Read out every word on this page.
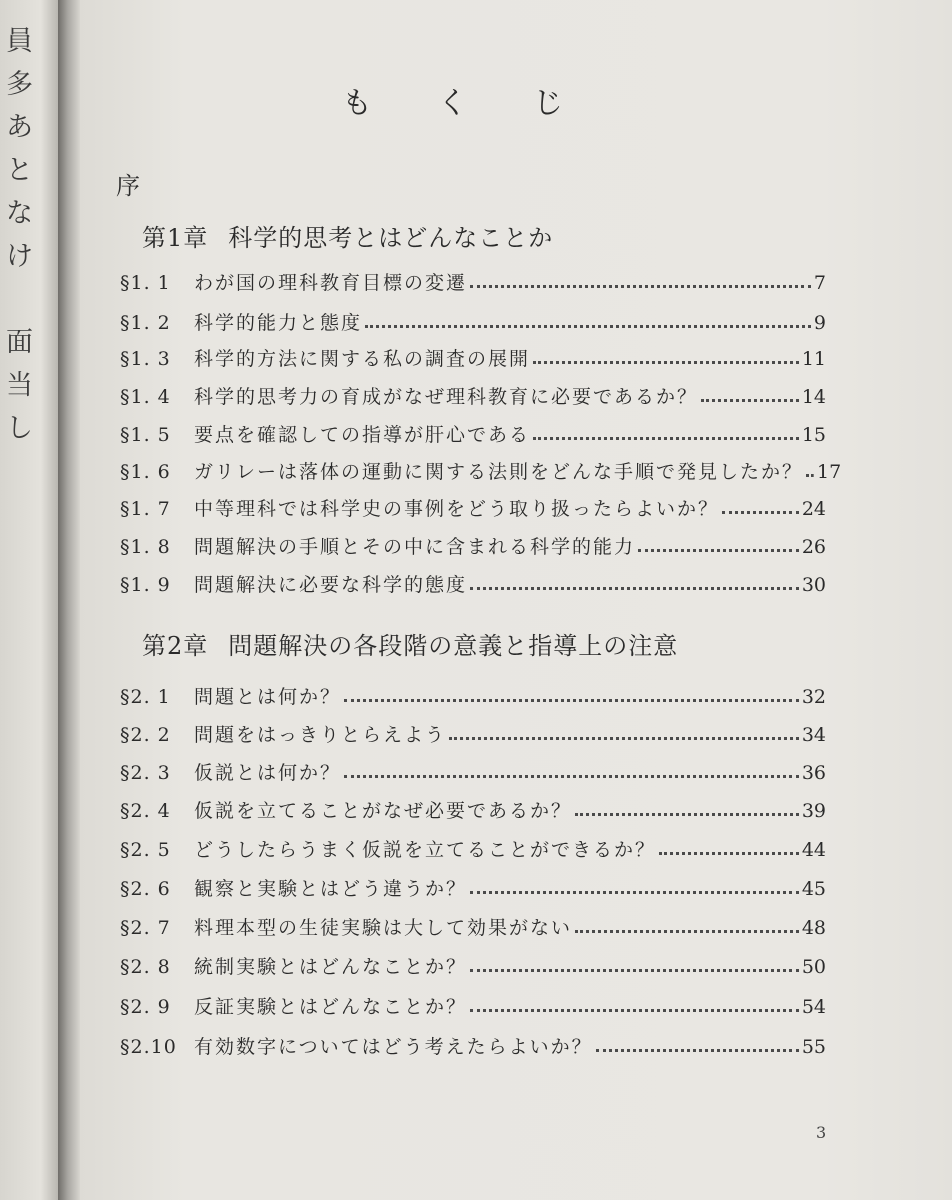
員
多
あ
と
な
け

面
当
し
も く じ
序
第1章 科学的思考とはどんなことか
§1. 1	わが国の理科教育目標の変遷	7
§1. 2	科学的能力と態度	9
§1. 3	科学的方法に関する私の調査の展開	11
§1. 4	科学的思考力の育成がなぜ理科教育に必要であるか？	14
§1. 5	要点を確認しての指導が肝心である	15
§1. 6	ガリレーは落体の運動に関する法則をどんな手順で発見したか？ 17
§1. 7	中等理科では科学史の事例をどう取り扱ったらよいか？	24
§1. 8	問題解決の手順とその中に含まれる科学的能力	26
§1. 9	問題解決に必要な科学的態度	30
第2章 問題解決の各段階の意義と指導上の注意
§2. 1	問題とは何か？	32
§2. 2	問題をはっきりとらえよう	34
§2. 3	仮説とは何か？	36
§2. 4	仮説を立てることがなぜ必要であるか？	39
§2. 5	どうしたらうまく仮説を立てることができるか？	44
§2. 6	観察と実験とはどう違うか？	45
§2. 7	料理本型の生徒実験は大して効果がない	48
§2. 8	統制実験とはどんなことか？	50
§2. 9	反証実験とはどんなことか？	54
§2.10 有効数字についてはどう考えたらよいか？	55
3
